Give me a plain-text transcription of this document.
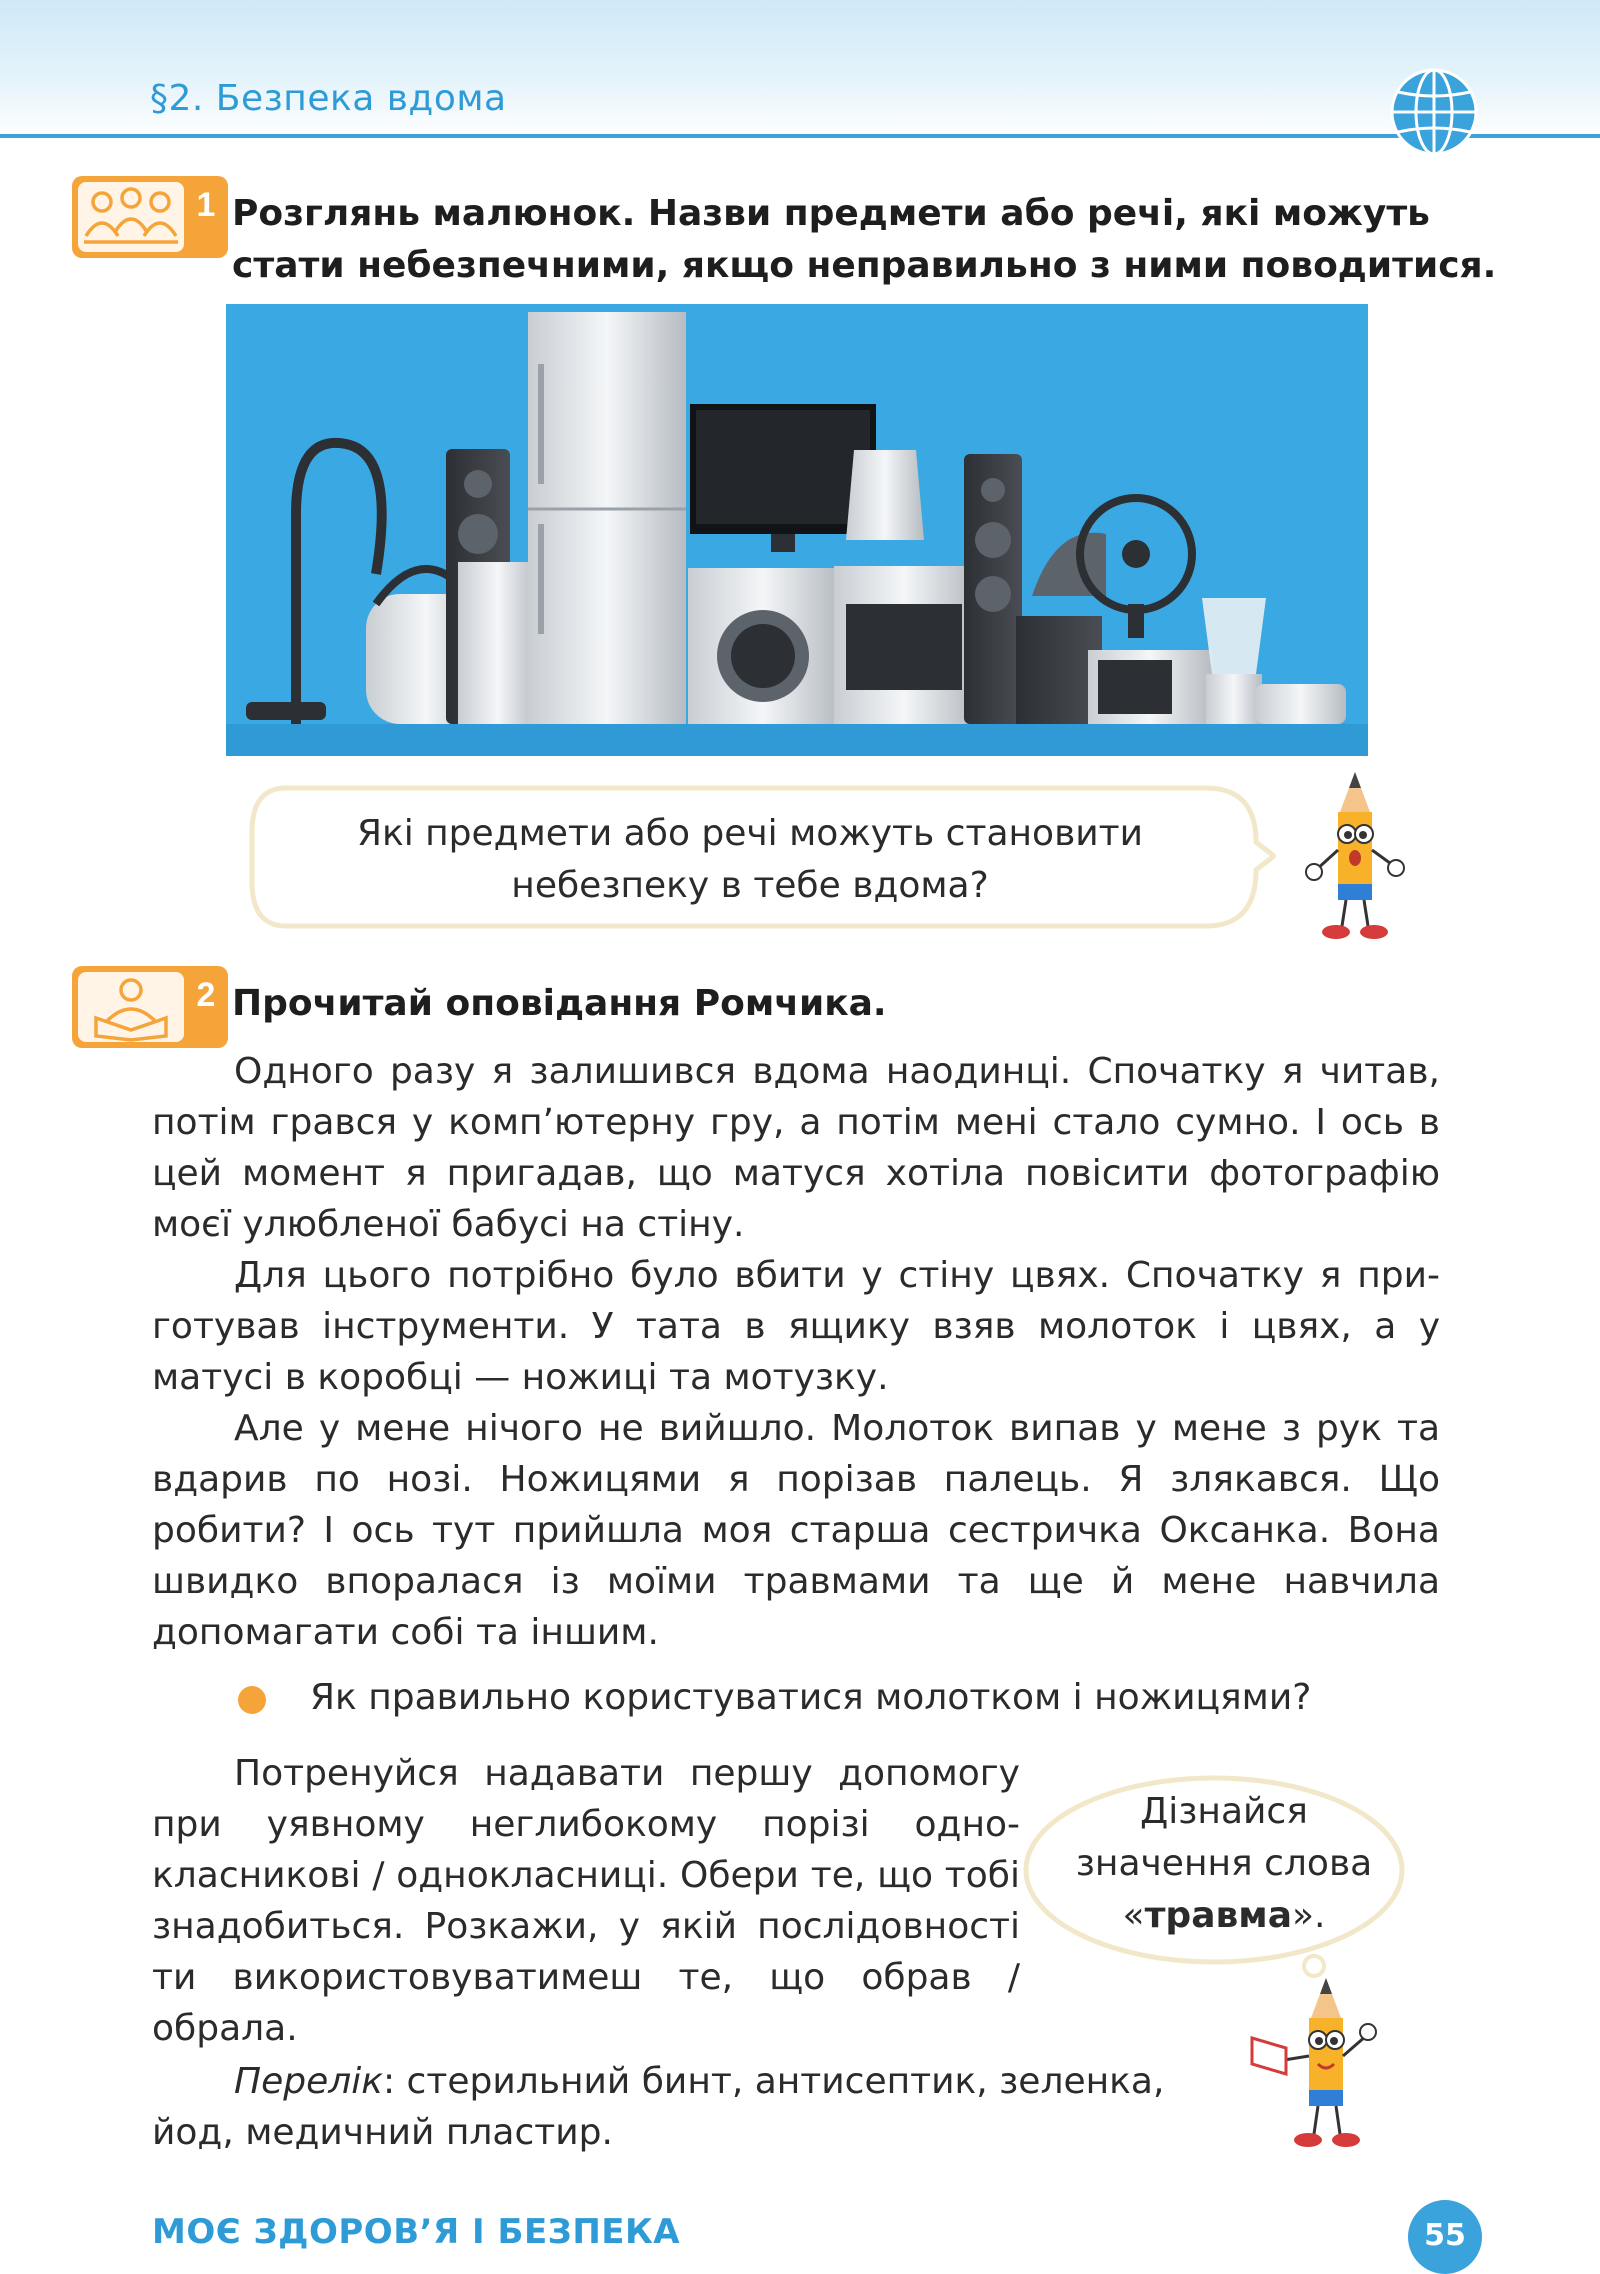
§2. Безпека вдома
1 Розглянь малюнок. Назви предмети або речі, які можуть
стати небезпечними, якщо неправильно з ними поводитися.
Які предмети або речі можуть становити
небезпеку в тебе вдома?
2 Прочитай оповідання Ромчика.

Одного разу я залишився вдома наодинці. Спочатку я читав, потім грався у комп’ютерну гру, а потім мені стало сумно. І ось в цей момент я пригадав, що матуся хотіла повісити фотографію моєї улюбленої бабусі на стіну.

Для цього потрібно було вбити у стіну цвях. Спочатку я приготував інструменти. У тата в ящику взяв молоток і цвях, а у матусі в коробці — ножиці та мотузку.

Але у мене нічого не вийшло. Молоток випав у мене з рук та вдарив по нозі. Ножицями я порізав палець. Я злякався. Що робити? І ось тут прийшла моя старша сестричка Оксанка. Вона швидко впоралася із моїми травмами та ще й мене навчила допомагати собі та іншим.

Як правильно користуватися молотком і ножицями?

Потренуйся надавати першу допомогу при уявному неглибокому порізі однокласникові / однокласниці. Обери те, що тобі знадобиться. Розкажи, у якій послідовності ти використовуватимеш те, що обрав / обрала.

Перелік: стерильний бинт, антисептик, зеленка, йод, медичний пластир.

Дізнайся
значення слова
«травма».
МОЄ ЗДОРОВ’Я І БЕЗПЕКА	55
